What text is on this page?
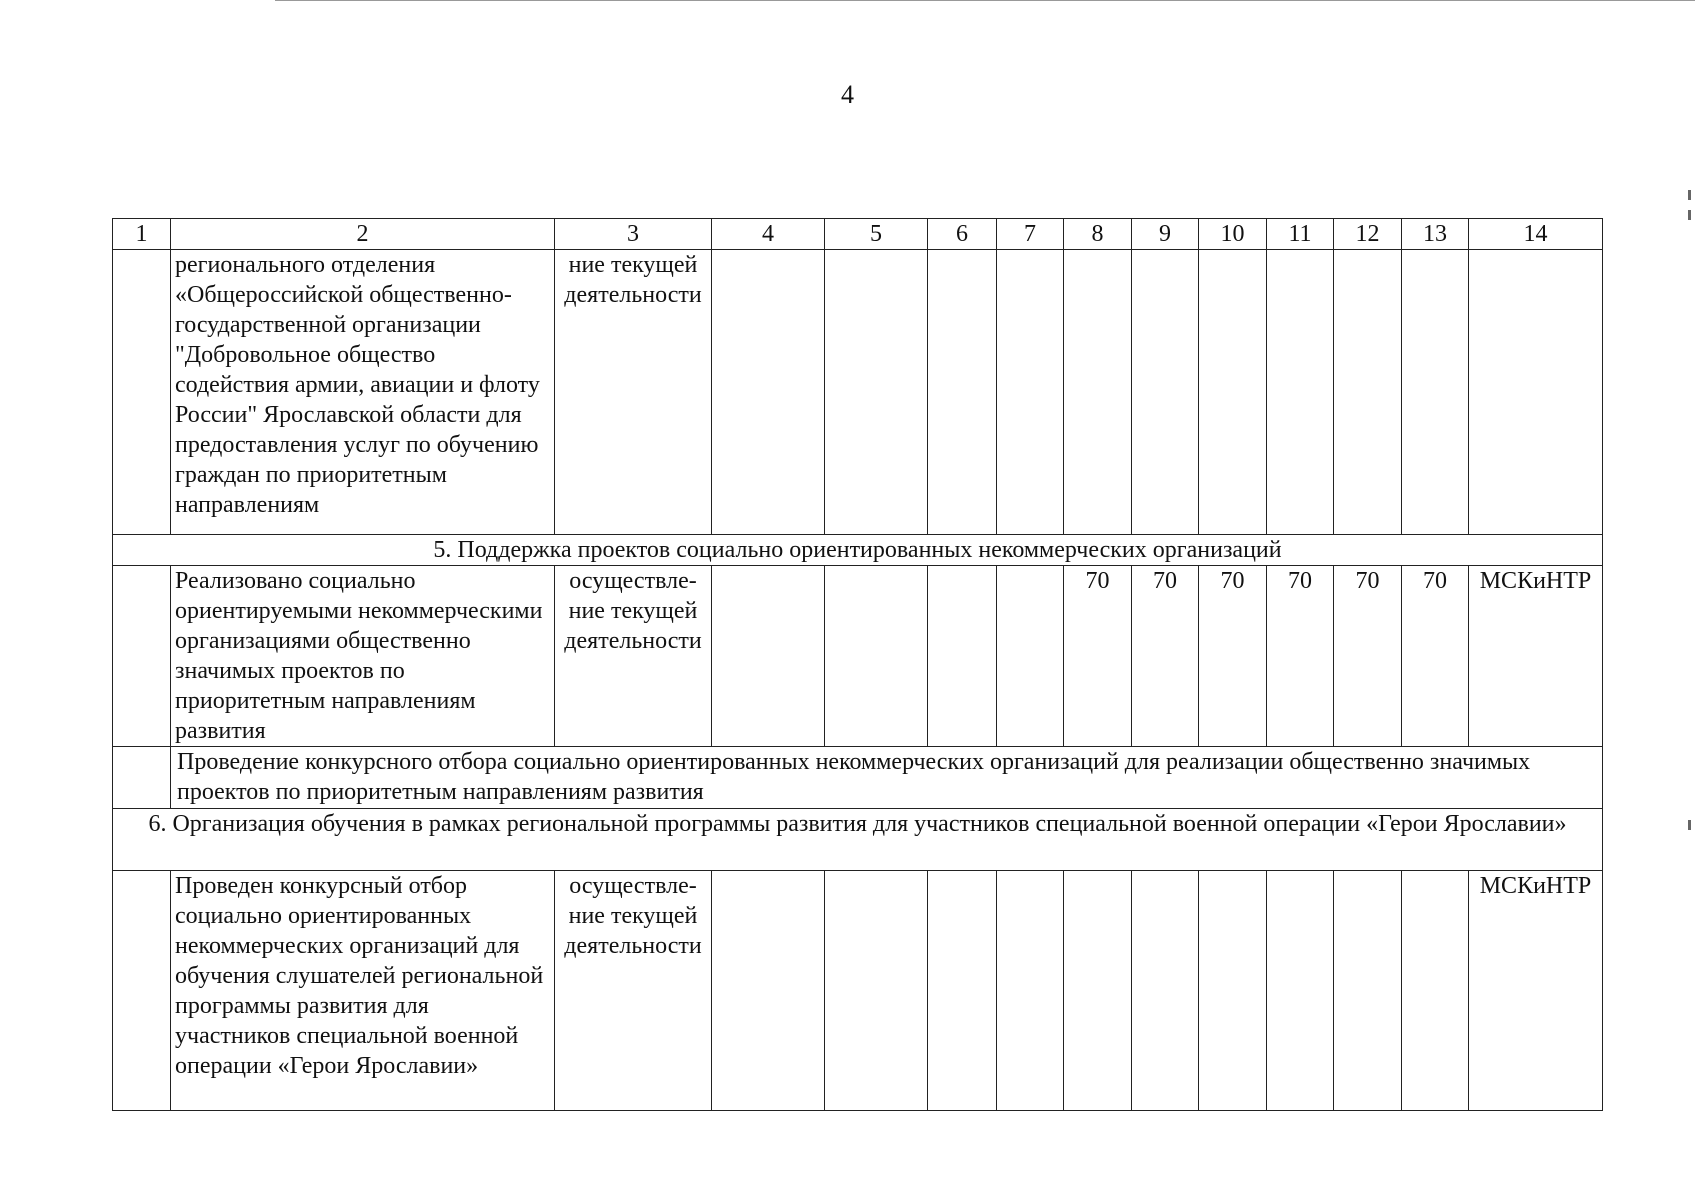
4
1	2	3	4	5	6	7	8	9	10	11	12	13	14
	регионального отделения «Общероссийской общественно-государственной организации "Добровольное общество содействия армии, авиации и флоту России" Ярославской области для предоставления услуг по обучению граждан по приоритетным направлениям	ние текущей деятельности											
5. Поддержка проектов социально ориентированных некоммерческих организаций													
	Реализовано социально ориентируемыми некоммерческими организациями общественно значимых проектов по приоритетным направлениям развития	осуществле-ние текущей деятельности					70	70	70	70	70	70	МСКиНТР
	Проведение конкурсного отбора социально ориентированных некоммерческих организаций для реализации общественно значимых проектов по приоритетным направлениям развития												
6. Организация обучения в рамках региональной программы развития для участников специальной военной операции «Герои Ярославии»													
	Проведен конкурсный отбор социально ориентированных некоммерческих организаций для обучения слушателей региональной программы развития для участников специальной военной операции «Герои Ярославии»	осуществле-ние текущей деятельности											МСКиНТР
